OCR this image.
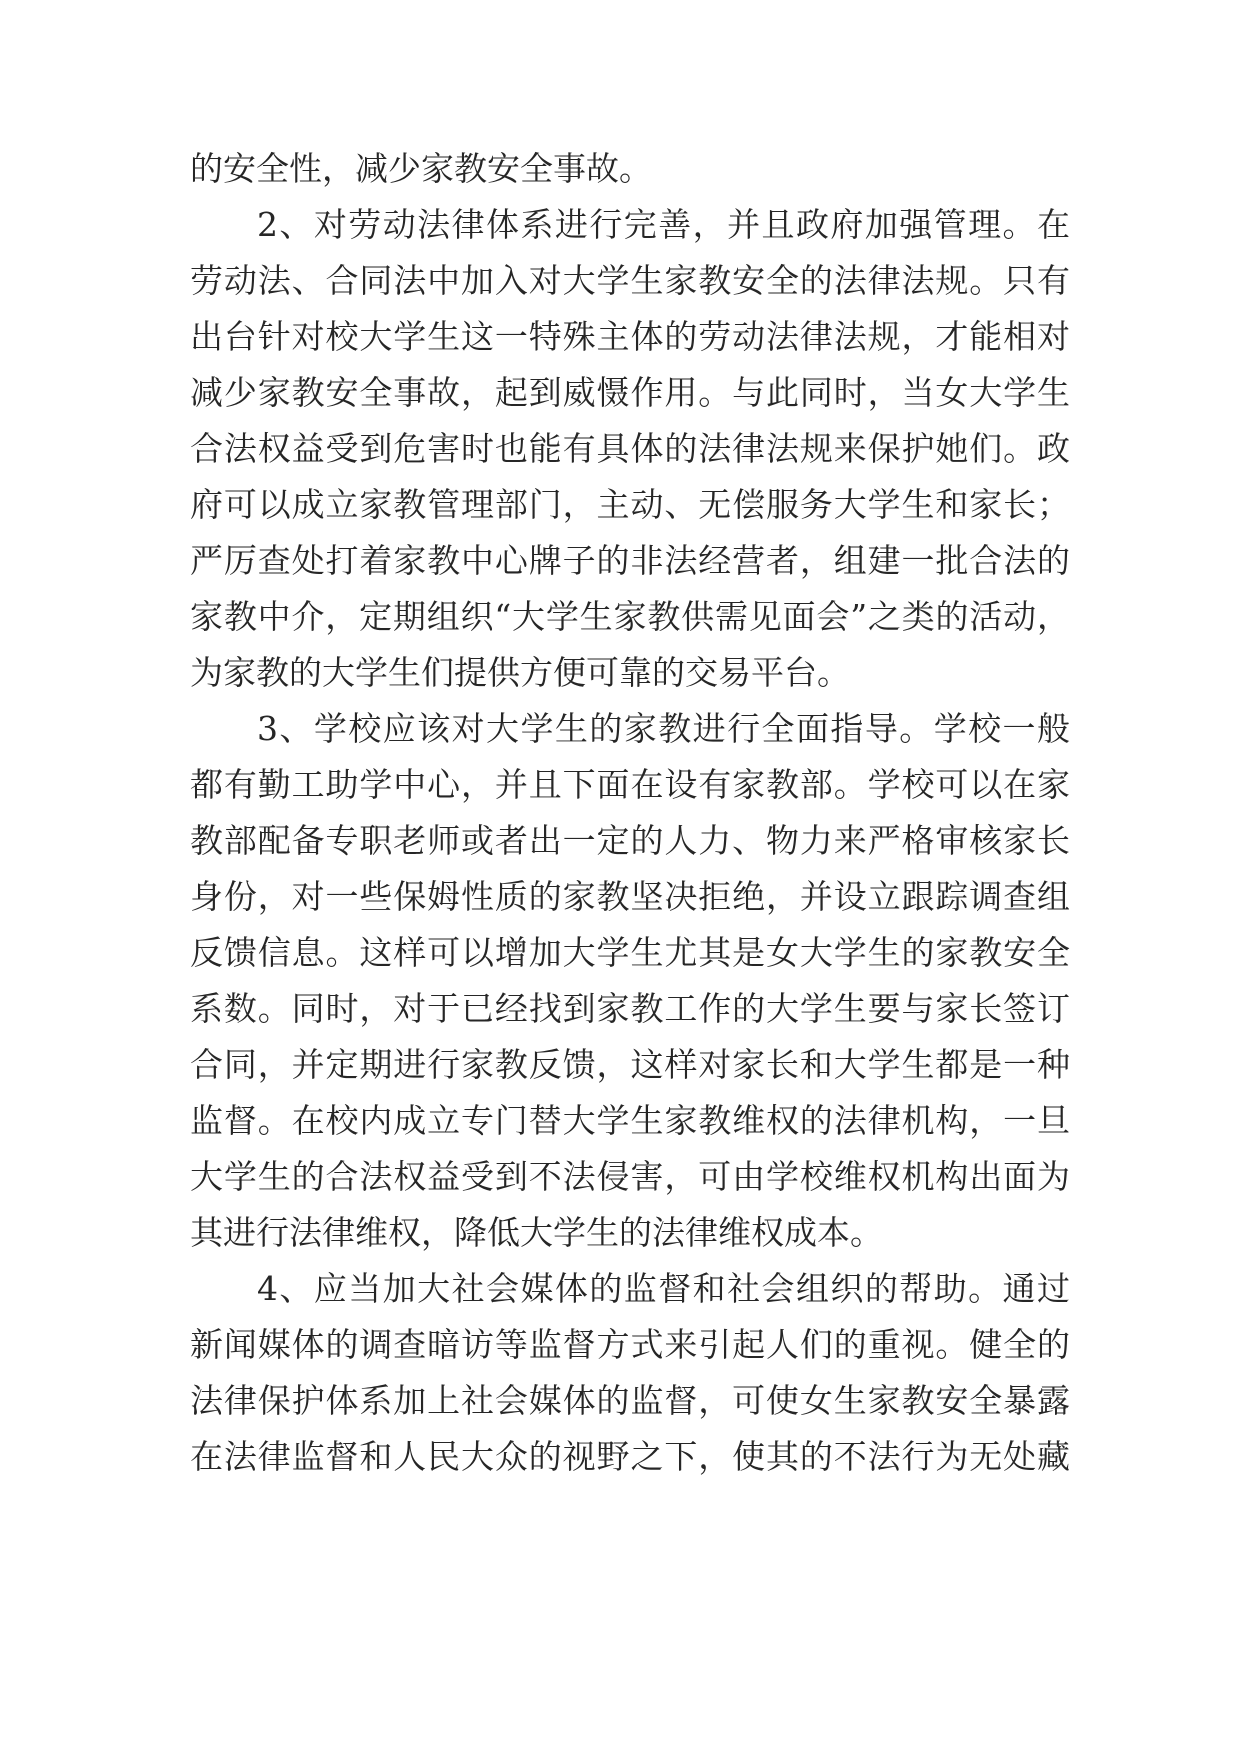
的安全性，减少家教安全事故。
2、对劳动法律体系进行完善，并且政府加强管理。在
劳动法、合同法中加入对大学生家教安全的法律法规。只有
出台针对校大学生这一特殊主体的劳动法律法规，才能相对
减少家教安全事故，起到威慑作用。与此同时，当女大学生
合法权益受到危害时也能有具体的法律法规来保护她们。政
府可以成立家教管理部门，主动、无偿服务大学生和家长；
严厉查处打着家教中心牌子的非法经营者，组建一批合法的
家教中介，定期组织“大学生家教供需见面会”之类的活动，
为家教的大学生们提供方便可靠的交易平台。
3、学校应该对大学生的家教进行全面指导。学校一般
都有勤工助学中心，并且下面在设有家教部。学校可以在家
教部配备专职老师或者出一定的人力、物力来严格审核家长
身份，对一些保姆性质的家教坚决拒绝，并设立跟踪调查组
反馈信息。这样可以增加大学生尤其是女大学生的家教安全
系数。同时，对于已经找到家教工作的大学生要与家长签订
合同，并定期进行家教反馈，这样对家长和大学生都是一种
监督。在校内成立专门替大学生家教维权的法律机构，一旦
大学生的合法权益受到不法侵害，可由学校维权机构出面为
其进行法律维权，降低大学生的法律维权成本。
4、应当加大社会媒体的监督和社会组织的帮助。通过
新闻媒体的调查暗访等监督方式来引起人们的重视。健全的
法律保护体系加上社会媒体的监督，可使女生家教安全暴露
在法律监督和人民大众的视野之下，使其的不法行为无处藏
